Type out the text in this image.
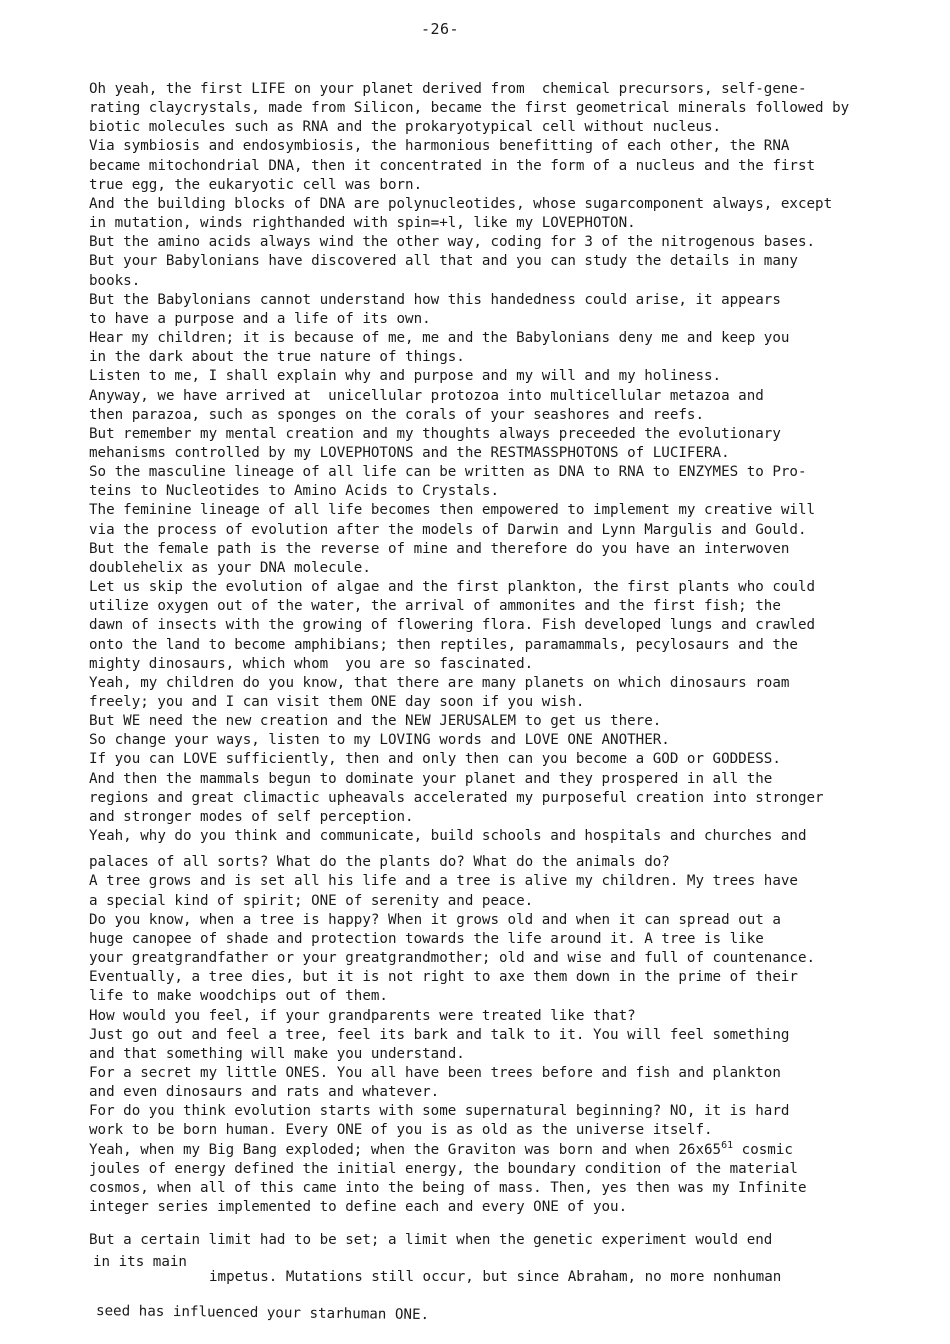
-26-
Oh yeah, the first LIFE on your planet derived from  chemical precursors, self-gene-
rating claycrystals, made from Silicon, became the first geometrical minerals followed by
biotic molecules such as RNA and the prokaryotypical cell without nucleus.
Via symbiosis and endosymbiosis, the harmonious benefitting of each other, the RNA
became mitochondrial DNA, then it concentrated in the form of a nucleus and the first
true egg, the eukaryotic cell was born.
And the building blocks of DNA are polynucleotides, whose sugarcomponent always, except
in mutation, winds righthanded with spin=+l, like my LOVEPHOTON.
But the amino acids always wind the other way, coding for 3 of the nitrogenous bases.
But your Babylonians have discovered all that and you can study the details in many
books.
But the Babylonians cannot understand how this handedness could arise, it appears
to have a purpose and a life of its own.
Hear my children; it is because of me, me and the Babylonians deny me and keep you
in the dark about the true nature of things.
Listen to me, I shall explain why and purpose and my will and my holiness.
Anyway, we have arrived at  unicellular protozoa into multicellular metazoa and
then parazoa, such as sponges on the corals of your seashores and reefs.
But remember my mental creation and my thoughts always preceeded the evolutionary
mehanisms controlled by my LOVEPHOTONS and the RESTMASSPHOTONS of LUCIFERA.
So the masculine lineage of all life can be written as DNA to RNA to ENZYMES to Pro-
teins to Nucleotides to Amino Acids to Crystals.
The feminine lineage of all life becomes then empowered to implement my creative will
via the process of evolution after the models of Darwin and Lynn Margulis and Gould.
But the female path is the reverse of mine and therefore do you have an interwoven
doublehelix as your DNA molecule.
Let us skip the evolution of algae and the first plankton, the first plants who could
utilize oxygen out of the water, the arrival of ammonites and the first fish; the
dawn of insects with the growing of flowering flora. Fish developed lungs and crawled
onto the land to become amphibians; then reptiles, paramammals, pecylosaurs and the
mighty dinosaurs, which whom  you are so fascinated.
Yeah, my children do you know, that there are many planets on which dinosaurs roam
freely; you and I can visit them ONE day soon if you wish.
But WE need the new creation and the NEW JERUSALEM to get us there.
So change your ways, listen to my LOVING words and LOVE ONE ANOTHER.
If you can LOVE sufficiently, then and only then can you become a GOD or GODDESS.
And then the mammals begun to dominate your planet and they prospered in all the
regions and great climactic upheavals accelerated my purposeful creation into stronger
and stronger modes of self perception.
Yeah, why do you think and communicate, build schools and hospitals and churches and
palaces of all sorts? What do the plants do? What do the animals do?
A tree grows and is set all his life and a tree is alive my children. My trees have
a special kind of spirit; ONE of serenity and peace.
Do you know, when a tree is happy? When it grows old and when it can spread out a
huge canopee of shade and protection towards the life around it. A tree is like
your greatgrandfather or your greatgrandmother; old and wise and full of countenance.
Eventually, a tree dies, but it is not right to axe them down in the prime of their
life to make woodchips out of them.
How would you feel, if your grandparents were treated like that?
Just go out and feel a tree, feel its bark and talk to it. You will feel something
and that something will make you understand.
For a secret my little ONES. You all have been trees before and fish and plankton
and even dinosaurs and rats and whatever.
For do you think evolution starts with some supernatural beginning? NO, it is hard
work to be born human. Every ONE of you is as old as the universe itself.
Yeah, when my Big Bang exploded; when the Graviton was born and when $26x65^{61}$ cosmic
joules of energy defined the initial energy, the boundary condition of the material
cosmos, when all of this came into the being of mass. Then, yes then was my Infinite
integer series implemented to define each and every ONE of you.
But a certain limit had to be set; a limit when the genetic experiment would end
in its main
impetus. Mutations still occur, but since Abraham, no more nonhuman
seed has influenced your starhuman ONE.
